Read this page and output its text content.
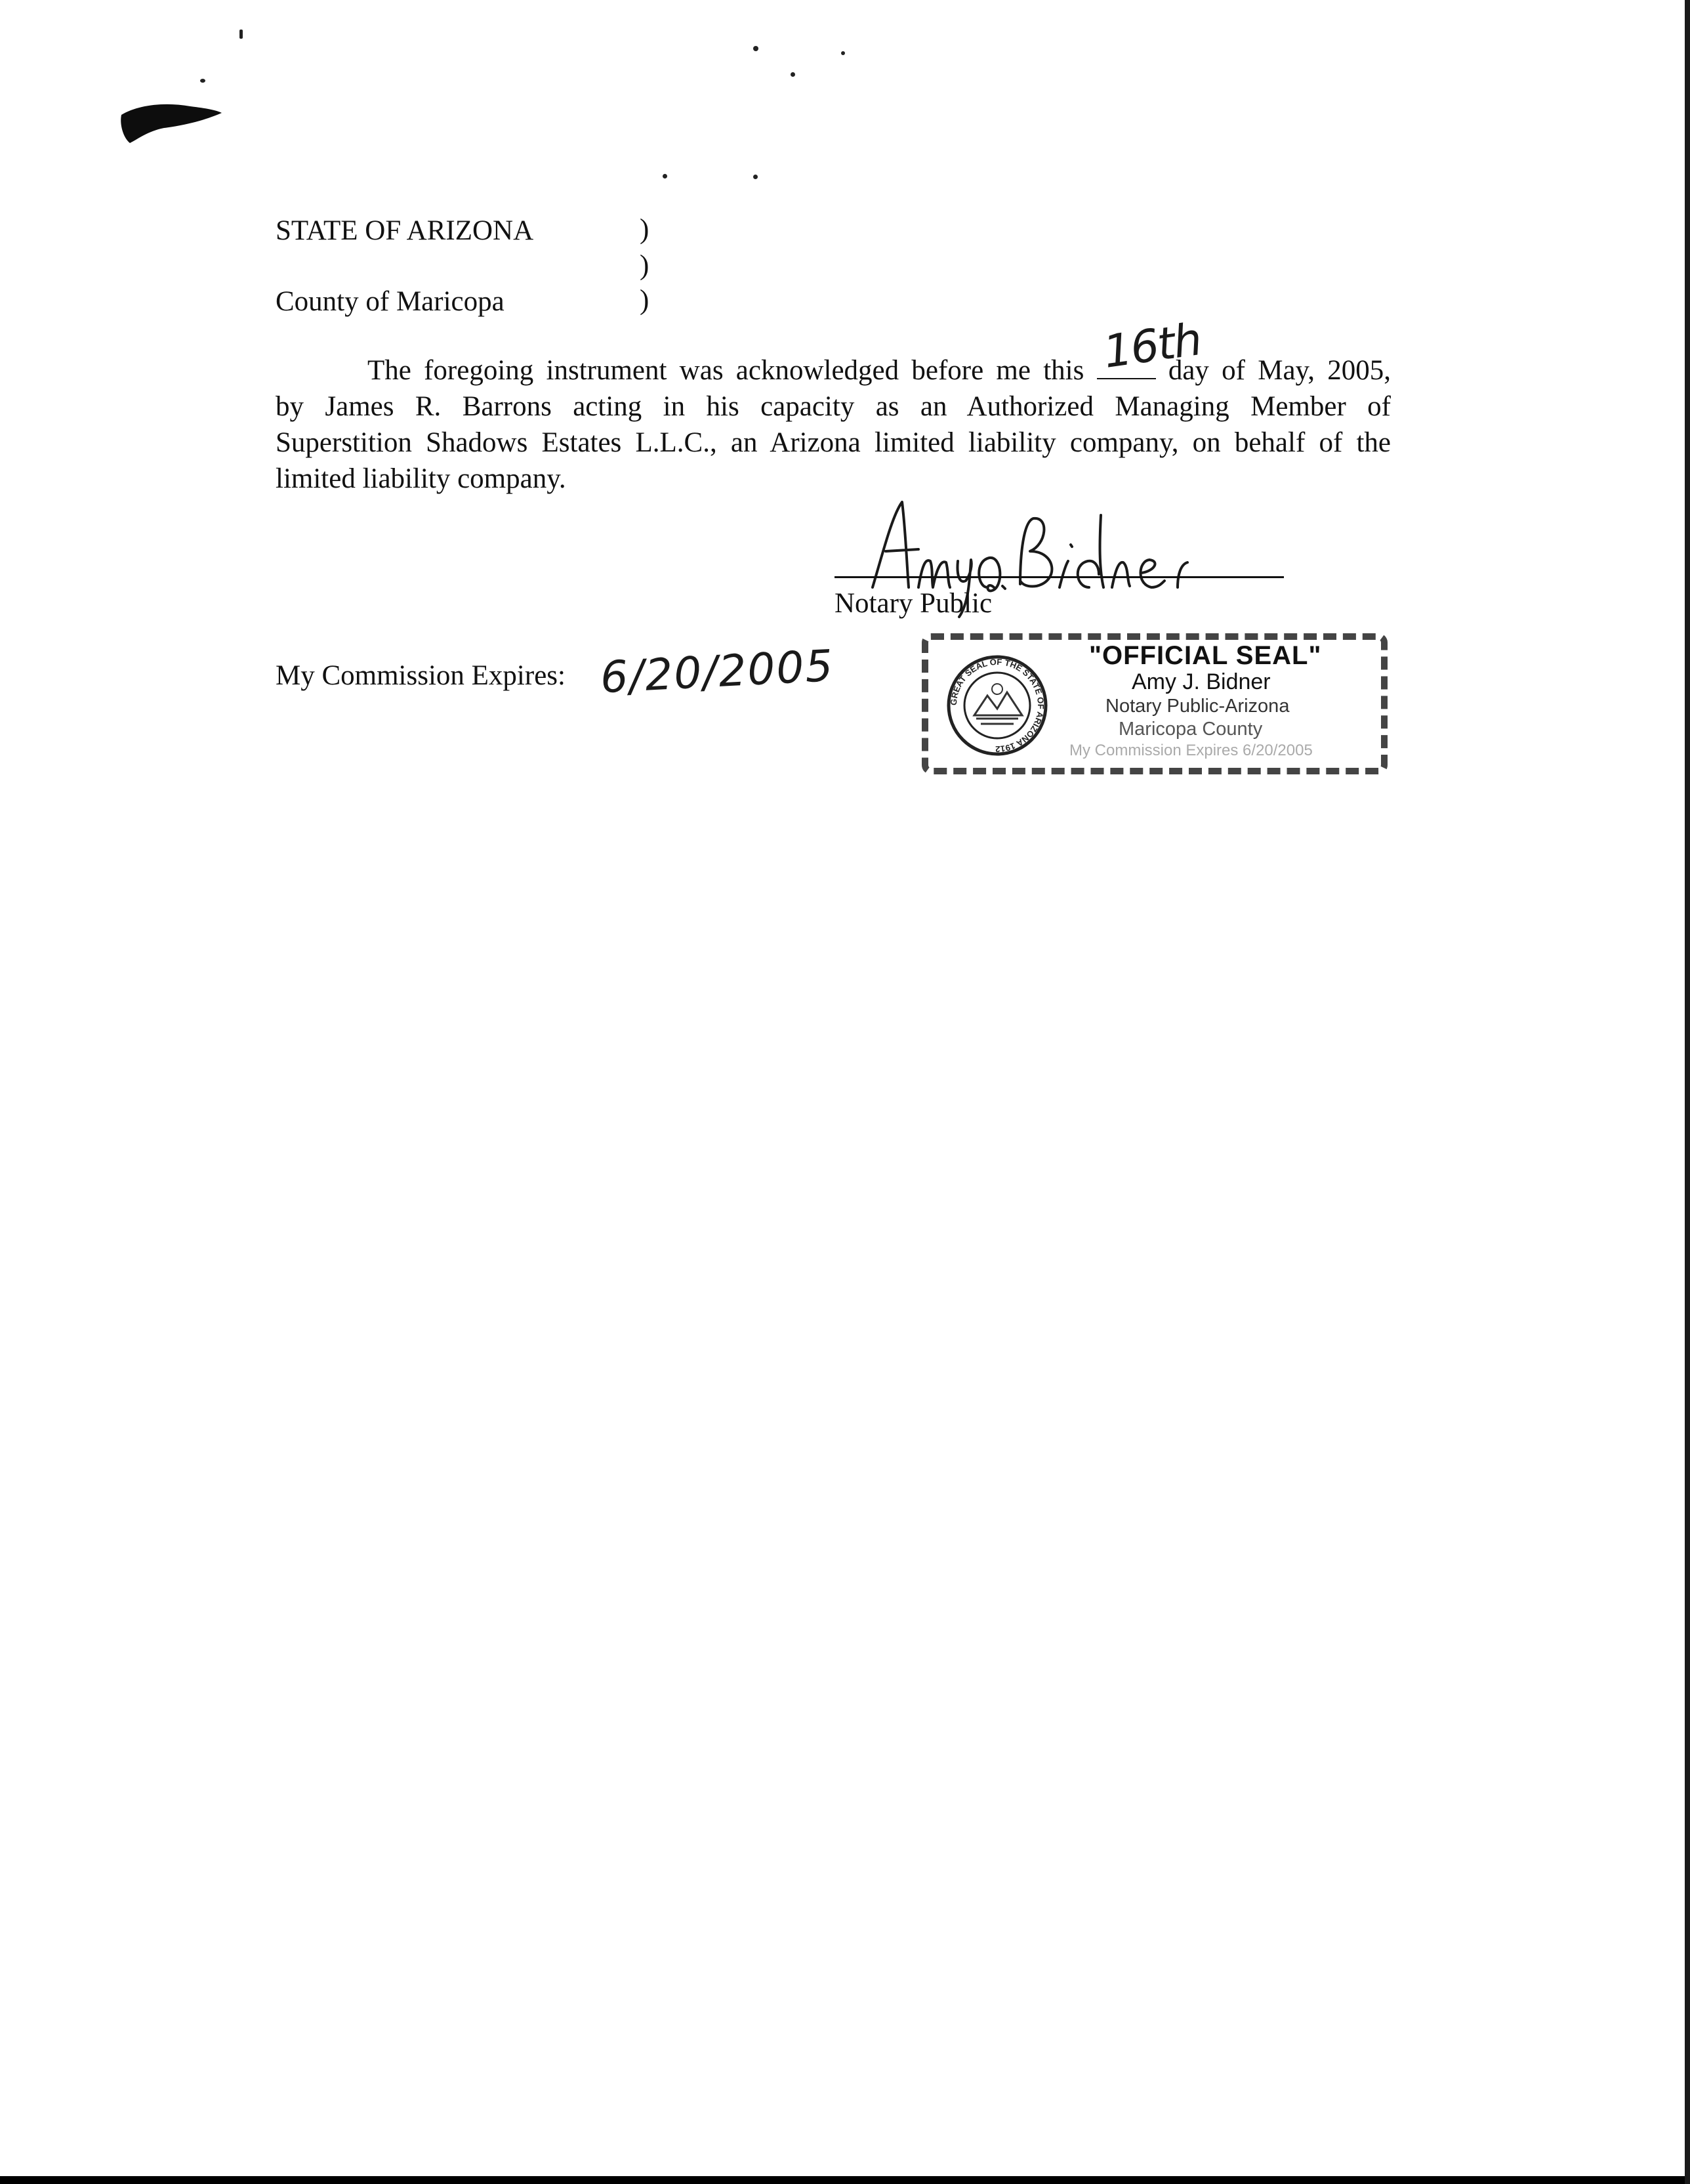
STATE OF ARIZONA	)
)
County of Maricopa	)
The foregoing instrument was acknowledged before me this	day of May, 2005,
by James R. Barrons acting in his capacity as an Authorized Managing Member of
Superstition Shadows Estates L.L.C., an Arizona limited liability company, on behalf of the
limited liability company.
16th
Notary Public
My Commission Expires: 6/20/2005	GREAT SEAL OF THE STATE OF ARIZONA 1912
"OFFICIAL SEAL"
Amy J. Bidner
Notary Public-Arizona
Maricopa County
My Commission Expires 6/20/2005
